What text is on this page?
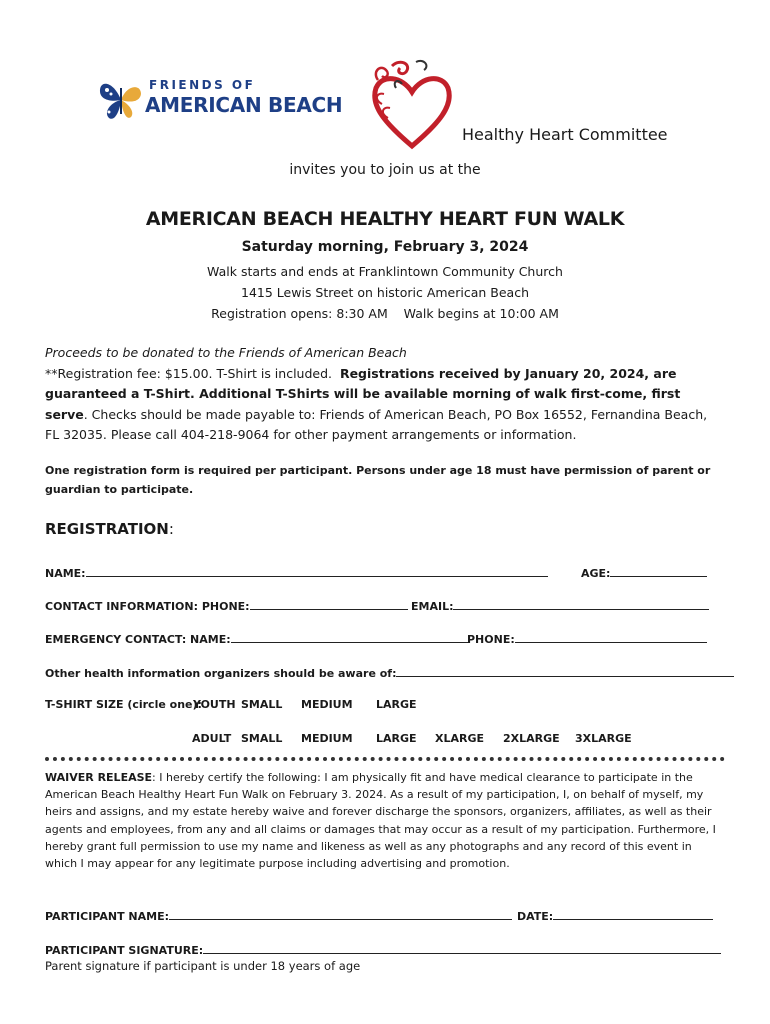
FRIENDS OF
AMERICAN BEACH
Healthy Heart Committee
invites you to join us at the
AMERICAN BEACH HEALTHY HEART FUN WALK
Saturday morning, February 3, 2024
Walk starts and ends at Franklintown Community Church
1415 Lewis Street on historic American Beach
Registration opens: 8:30 AM Walk begins at 10:00 AM
Proceeds to be donated to the Friends of American Beach
**Registration fee: $15.00. T-Shirt is included. Registrations received by January 20, 2024, are guaranteed a T-Shirt. Additional T-Shirts will be available morning of walk first-come, first serve. Checks should be made payable to: Friends of American Beach, PO Box 16552, Fernandina Beach, FL 32035. Please call 404-218-9064 for other payment arrangements or information.
One registration form is required per participant. Persons under age 18 must have permission of parent or guardian to participate.
REGISTRATION:
NAME:	AGE:
CONTACT INFORMATION: PHONE:	EMAIL:
EMERGENCY CONTACT: NAME:	PHONE:
Other health information organizers should be aware of:
T-SHIRT SIZE (circle one):
YOUTH SMALL MEDIUM LARGE
ADULT SMALL MEDIUM LARGE XLARGE 2XLARGE 3XLARGE
WAIVER RELEASE: I hereby certify the following: I am physically fit and have medical clearance to participate in the American Beach Healthy Heart Fun Walk on February 3. 2024. As a result of my participation, I, on behalf of myself, my heirs and assigns, and my estate hereby waive and forever discharge the sponsors, organizers, affiliates, as well as their agents and employees, from any and all claims or damages that may occur as a result of my participation. Furthermore, I hereby grant full permission to use my name and likeness as well as any photographs and any record of this event in which I may appear for any legitimate purpose including advertising and promotion.
PARTICIPANT NAME:	DATE:
PARTICIPANT SIGNATURE:
Parent signature if participant is under 18 years of age
